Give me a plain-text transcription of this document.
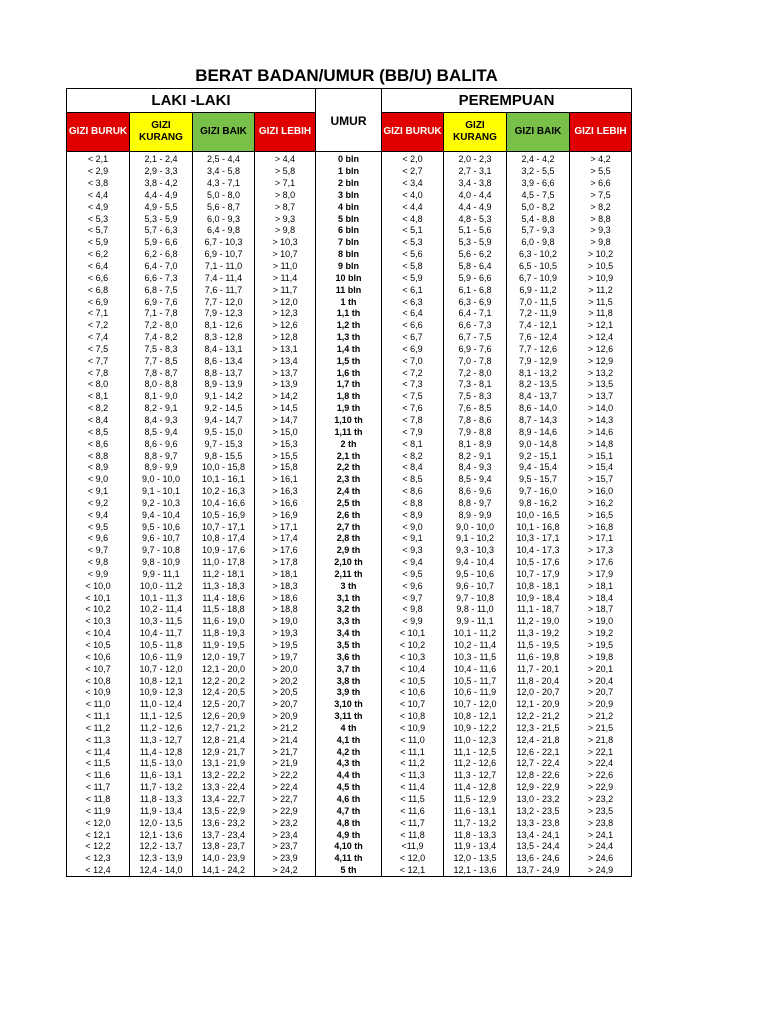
BERAT BADAN/UMUR (BB/U) BALITA
LAKI -LAKI				UMUR	PEREMPUAN			
GIZI BURUK	GIZI KURANG	GIZI BAIK	GIZI LEBIH		GIZI BURUK	GIZI KURANG	GIZI BAIK	GIZI LEBIH
< 2,1	2,1 - 2,4	2,5 - 4,4	> 4,4	0 bln	< 2,0	2,0 - 2,3	2,4 - 4,2	> 4,2
< 2,9	2,9 - 3,3	3,4 - 5,8	> 5,8	1 bln	< 2,7	2,7 - 3,1	3,2 - 5,5	> 5,5
< 3,8	3,8 - 4,2	4,3 - 7,1	> 7,1	2 bln	< 3,4	3,4 - 3,8	3,9 - 6,6	> 6,6
< 4,4	4,4 - 4,9	5,0 - 8,0	> 8,0	3 bln	< 4,0	4,0 - 4,4	4,5 - 7,5	> 7,5
< 4,9	4,9 - 5,5	5,6 - 8,7	> 8,7	4 bln	< 4,4	4,4 - 4,9	5,0 - 8,2	> 8,2
< 5,3	5,3 - 5,9	6,0 - 9,3	> 9,3	5 bln	< 4,8	4,8 - 5,3	5,4 - 8,8	> 8,8
< 5,7	5,7 - 6,3	6,4 - 9,8	> 9,8	6 bln	< 5,1	5,1 - 5,6	5,7 - 9,3	> 9,3
< 5,9	5,9 - 6,6	6,7 - 10,3	> 10,3	7 bln	< 5,3	5,3 - 5,9	6,0 - 9,8	> 9,8
< 6,2	6,2 - 6,8	6,9 - 10,7	> 10,7	8 bln	< 5,6	5,6 - 6,2	6,3 - 10,2	> 10,2
< 6,4	6,4 - 7,0	7,1 - 11,0	> 11,0	9 bln	< 5,8	5,8 - 6,4	6,5 - 10,5	> 10,5
< 6,6	6,6 - 7,3	7,4 - 11,4	> 11,4	10 bln	< 5,9	5,9 - 6,6	6,7 - 10,9	> 10,9
< 6,8	6,8 - 7,5	7,6 - 11,7	> 11,7	11 bln	< 6,1	6,1 - 6,8	6,9 - 11,2	> 11,2
< 6,9	6,9 - 7,6	7,7 - 12,0	> 12,0	1 th	< 6,3	6,3 - 6,9	7,0 - 11,5	> 11,5
< 7,1	7,1 - 7,8	7,9 - 12,3	> 12,3	1,1 th	< 6,4	6,4 - 7,1	7,2 - 11,9	> 11,8
< 7,2	7,2 - 8,0	8,1 - 12,6	> 12,6	1,2 th	< 6,6	6,6 - 7,3	7,4 - 12,1	> 12,1
< 7,4	7,4 - 8,2	8,3 - 12,8	> 12,8	1,3 th	< 6,7	6,7 - 7,5	7,6 - 12,4	> 12,4
< 7,5	7,5 - 8,3	8,4 - 13,1	> 13,1	1,4 th	< 6,9	6,9 - 7,6	7,7 - 12,6	> 12,6
< 7,7	7,7 - 8,5	8,6 - 13,4	> 13,4	1,5 th	< 7,0	7,0 - 7,8	7,9 - 12,9	> 12,9
< 7,8	7,8 - 8,7	8,8 - 13,7	> 13,7	1,6 th	< 7,2	7,2 - 8,0	8,1 - 13,2	> 13,2
< 8,0	8,0 - 8,8	8,9 - 13,9	> 13,9	1,7 th	< 7,3	7,3 - 8,1	8,2 - 13,5	> 13,5
< 8,1	8,1 - 9,0	9,1 - 14,2	> 14,2	1,8 th	< 7,5	7,5 - 8,3	8,4 - 13,7	> 13,7
< 8,2	8,2 - 9,1	9,2 - 14,5	> 14,5	1,9 th	< 7,6	7,6 - 8,5	8,6 - 14,0	> 14,0
< 8,4	8,4 - 9,3	9,4 - 14,7	> 14,7	1,10 th	< 7,8	7,8 - 8,6	8,7 - 14,3	> 14,3
< 8,5	8,5 - 9,4	9,5 - 15,0	> 15,0	1,11 th	< 7,9	7,9 - 8,8	8,9 - 14,6	> 14,6
< 8,6	8,6 - 9,6	9,7 - 15,3	> 15,3	2 th	< 8,1	8,1 - 8,9	9,0 - 14,8	> 14,8
< 8,8	8,8 - 9,7	9,8 - 15,5	> 15,5	2,1 th	< 8,2	8,2 - 9,1	9,2 - 15,1	> 15,1
< 8,9	8,9 - 9,9	10,0 - 15,8	> 15,8	2,2 th	< 8,4	8,4 - 9,3	9,4 - 15,4	> 15,4
< 9,0	9,0 - 10,0	10,1 - 16,1	> 16,1	2,3 th	< 8,5	8,5 - 9,4	9,5 - 15,7	> 15,7
< 9,1	9,1 - 10,1	10,2 - 16,3	> 16,3	2,4 th	< 8,6	8,6 - 9,6	9,7 - 16,0	> 16,0
< 9,2	9,2 - 10,3	10,4 - 16,6	> 16,6	2,5 th	< 8,8	8,8 - 9,7	9,8 - 16,2	> 16,2
< 9,4	9,4 - 10,4	10,5 - 16,9	> 16,9	2,6 th	< 8,9	8,9 - 9,9	10,0 - 16,5	> 16,5
< 9,5	9,5 - 10,6	10,7 - 17,1	> 17,1	2,7 th	< 9,0	9,0 - 10,0	10,1 - 16,8	> 16,8
< 9,6	9,6 - 10,7	10,8 - 17,4	> 17,4	2,8 th	< 9,1	9,1 - 10,2	10,3 - 17,1	> 17,1
< 9,7	9,7 - 10,8	10,9 - 17,6	> 17,6	2,9 th	< 9,3	9,3 - 10,3	10,4 - 17,3	> 17,3
< 9,8	9,8 - 10,9	11,0 - 17,8	> 17,8	2,10 th	< 9,4	9,4 - 10,4	10,5 - 17,6	> 17,6
< 9,9	9,9 - 11,1	11,2 - 18,1	> 18,1	2,11 th	< 9,5	9,5 - 10,6	10,7 - 17,9	> 17,9
< 10,0	10,0 - 11,2	11,3 - 18,3	> 18,3	3 th	< 9,6	9,6 - 10,7	10,8 - 18,1	> 18,1
< 10,1	10,1 - 11,3	11,4 - 18,6	> 18,6	3,1 th	< 9,7	9,7 - 10,8	10,9 - 18,4	> 18,4
< 10,2	10,2 - 11,4	11,5 - 18,8	> 18,8	3,2 th	< 9,8	9,8 - 11,0	11,1 - 18,7	> 18,7
< 10,3	10,3 - 11,5	11,6 - 19,0	> 19,0	3,3 th	< 9,9	9,9 - 11,1	11,2 - 19,0	> 19,0
< 10,4	10,4 - 11,7	11,8 - 19,3	> 19,3	3,4 th	< 10,1	10,1 - 11,2	11,3 - 19,2	> 19,2
< 10,5	10,5 - 11,8	11,9 - 19,5	> 19,5	3,5 th	< 10,2	10,2 - 11,4	11,5 - 19,5	> 19,5
< 10,6	10,6 - 11,9	12,0 - 19,7	> 19,7	3,6 th	< 10,3	10,3 - 11,5	11,6 - 19,8	> 19,8
< 10,7	10,7 - 12,0	12,1 - 20,0	> 20,0	3,7 th	< 10,4	10,4 - 11,6	11,7 - 20,1	> 20,1
< 10,8	10,8 - 12,1	12,2 - 20,2	> 20,2	3,8 th	< 10,5	10,5 - 11,7	11,8 - 20,4	> 20,4
< 10,9	10,9 - 12,3	12,4 - 20,5	> 20,5	3,9 th	< 10,6	10,6 - 11,9	12,0 - 20,7	> 20,7
< 11,0	11,0 - 12,4	12,5 - 20,7	> 20,7	3,10 th	< 10,7	10,7 - 12,0	12,1 - 20,9	> 20,9
< 11,1	11,1 - 12,5	12,6 - 20,9	> 20,9	3,11 th	< 10,8	10,8 - 12,1	12,2 - 21,2	> 21,2
< 11,2	11,2 - 12,6	12,7 - 21,2	> 21,2	4 th	< 10,9	10,9 - 12,2	12,3 - 21,5	> 21,5
< 11,3	11,3 - 12,7	12,8 - 21,4	> 21,4	4,1 th	< 11,0	11,0 - 12,3	12,4 - 21,8	> 21,8
< 11,4	11,4 - 12,8	12,9 - 21,7	> 21,7	4,2 th	< 11,1	11,1 - 12,5	12,6 - 22,1	> 22,1
< 11,5	11,5 - 13,0	13,1 - 21,9	> 21,9	4,3 th	< 11,2	11,2 - 12,6	12,7 - 22,4	> 22,4
< 11,6	11,6 - 13,1	13,2 - 22,2	> 22,2	4,4 th	< 11,3	11,3 - 12,7	12,8 - 22,6	> 22,6
< 11,7	11,7 - 13,2	13,3 - 22,4	> 22,4	4,5 th	< 11,4	11,4 - 12,8	12,9 - 22,9	> 22,9
< 11,8	11,8 - 13,3	13,4 - 22,7	> 22,7	4,6 th	< 11,5	11,5 - 12,9	13,0 - 23,2	> 23,2
< 11,9	11,9 - 13,4	13,5 - 22,9	> 22,9	4,7 th	< 11,6	11,6 - 13,1	13,2 - 23,5	> 23,5
< 12,0	12,0 - 13,5	13,6 - 23,2	> 23,2	4,8 th	< 11,7	11,7 - 13,2	13,3 - 23,8	> 23,8
< 12,1	12,1 - 13,6	13,7 - 23,4	> 23,4	4,9 th	< 11,8	11,8 - 13,3	13,4 - 24,1	> 24,1
< 12,2	12,2 - 13,7	13,8 - 23,7	> 23,7	4,10 th	<11,9	11,9 - 13,4	13,5 - 24,4	> 24,4
< 12,3	12,3 - 13,9	14,0 - 23,9	> 23,9	4,11 th	< 12,0	12,0 - 13,5	13,6 - 24,6	> 24,6
< 12,4	12,4 - 14,0	14,1 - 24,2	> 24,2	5 th	< 12,1	12,1 - 13,6	13,7 - 24,9	> 24,9
